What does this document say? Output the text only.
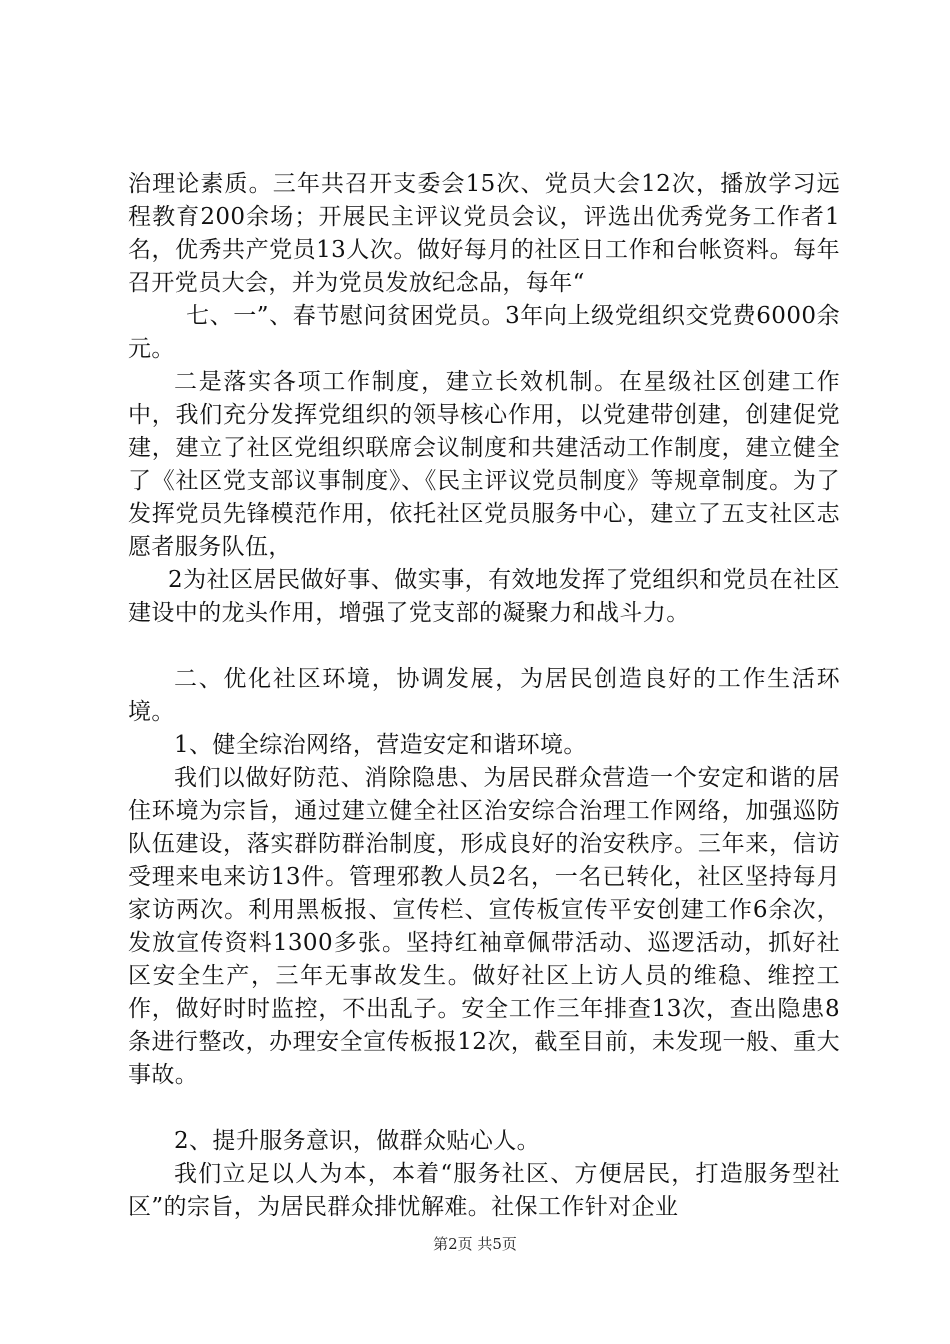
治理论素质。三年共召开支委会15次、党员大会12次，播放学习远程教育200余场；开展民主评议党员会议，评选出优秀党务工作者1名，优秀共产党员13人次。做好每月的社区日工作和台帐资料。每年召开党员大会，并为党员发放纪念品，每年“

七、一”、春节慰问贫困党员。3年向上级党组织交党费6000余元。

二是落实各项工作制度，建立长效机制。在星级社区创建工作中，我们充分发挥党组织的领导核心作用，以党建带创建，创建促党建，建立了社区党组织联席会议制度和共建活动工作制度，建立健全了《社区党支部议事制度》、《民主评议党员制度》等规章制度。为了发挥党员先锋模范作用，依托社区党员服务中心，建立了五支社区志愿者服务队伍，

2为社区居民做好事、做实事，有效地发挥了党组织和党员在社区建设中的龙头作用，增强了党支部的凝聚力和战斗力。

二、优化社区环境，协调发展，为居民创造良好的工作生活环境。

1、健全综治网络，营造安定和谐环境。

我们以做好防范、消除隐患、为居民群众营造一个安定和谐的居住环境为宗旨，通过建立健全社区治安综合治理工作网络，加强巡防队伍建设，落实群防群治制度，形成良好的治安秩序。三年来，信访受理来电来访13件。管理邪教人员2名，一名已转化，社区坚持每月家访两次。利用黑板报、宣传栏、宣传板宣传平安创建工作6余次，发放宣传资料1300多张。坚持红袖章佩带活动、巡逻活动，抓好社区安全生产，三年无事故发生。做好社区上访人员的维稳、维控工作，做好时时监控，不出乱子。安全工作三年排查13次，查出隐患8条进行整改，办理安全宣传板报12次，截至目前，未发现一般、重大事故。

2、提升服务意识，做群众贴心人。

我们立足以人为本，本着“服务社区、方便居民，打造服务型社区”的宗旨，为居民群众排忧解难。社保工作针对企业

第2页 共5页
